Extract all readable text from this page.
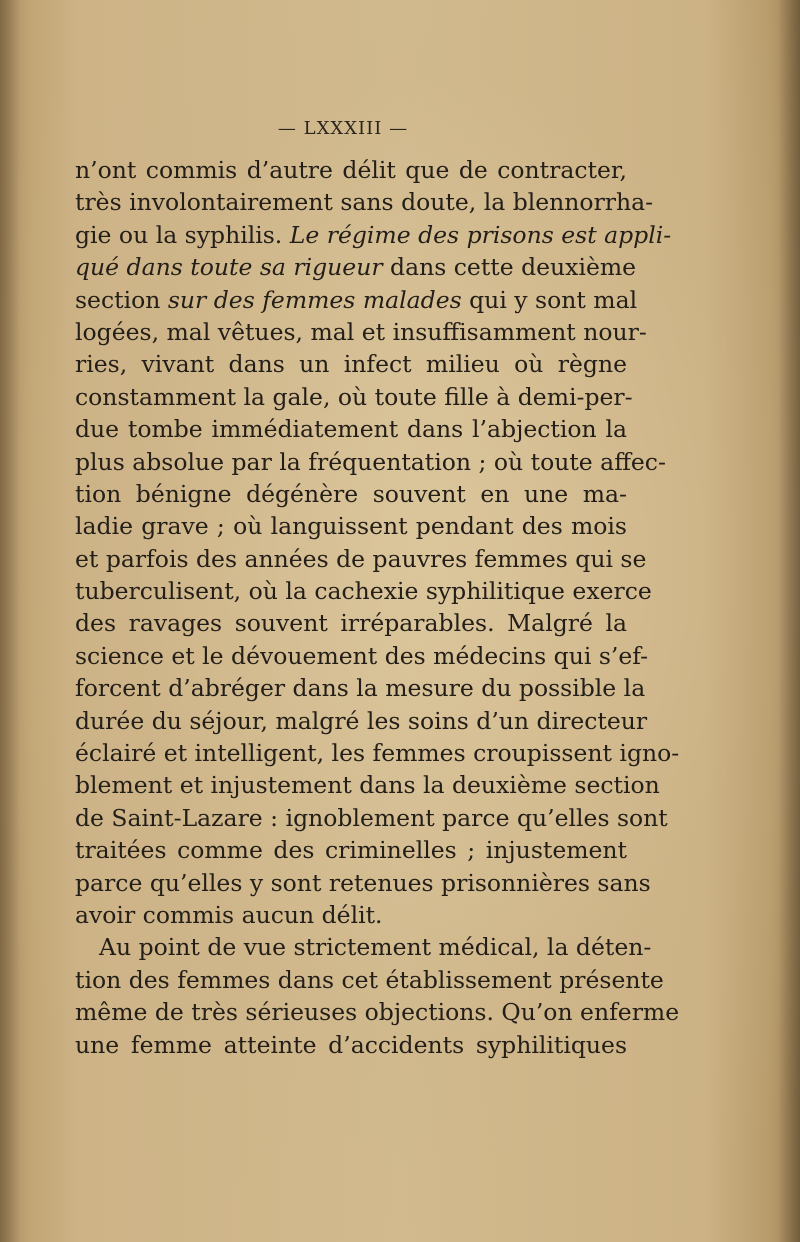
— LXXXIII —
n’ont commis d’autre délit que de contracter,
très involontairement sans doute, la blennorrha-
gie ou la syphilis. Le régime des prisons est appli-
qué dans toute sa rigueur dans cette deuxième
section sur des femmes malades qui y sont mal
logées, mal vêtues, mal et insuffisamment nour-
ries, vivant dans un infect milieu où règne
constamment la gale, où toute fille à demi-per-
due tombe immédiatement dans l’abjection la
plus absolue par la fréquentation ; où toute affec-
tion bénigne dégénère souvent en une ma-
ladie grave ; où languissent pendant des mois
et parfois des années de pauvres femmes qui se
tuberculisent, où la cachexie syphilitique exerce
des ravages souvent irréparables. Malgré la
science et le dévouement des médecins qui s’ef-
forcent d’abréger dans la mesure du possible la
durée du séjour, malgré les soins d’un directeur
éclairé et intelligent, les femmes croupissent igno-
blement et injustement dans la deuxième section
de Saint-Lazare : ignoblement parce qu’elles sont
traitées comme des criminelles ; injustement
parce qu’elles y sont retenues prisonnières sans
avoir commis aucun délit.
Au point de vue strictement médical, la déten-
tion des femmes dans cet établissement présente
même de très sérieuses objections. Qu’on enferme
une femme atteinte d’accidents syphilitiques
